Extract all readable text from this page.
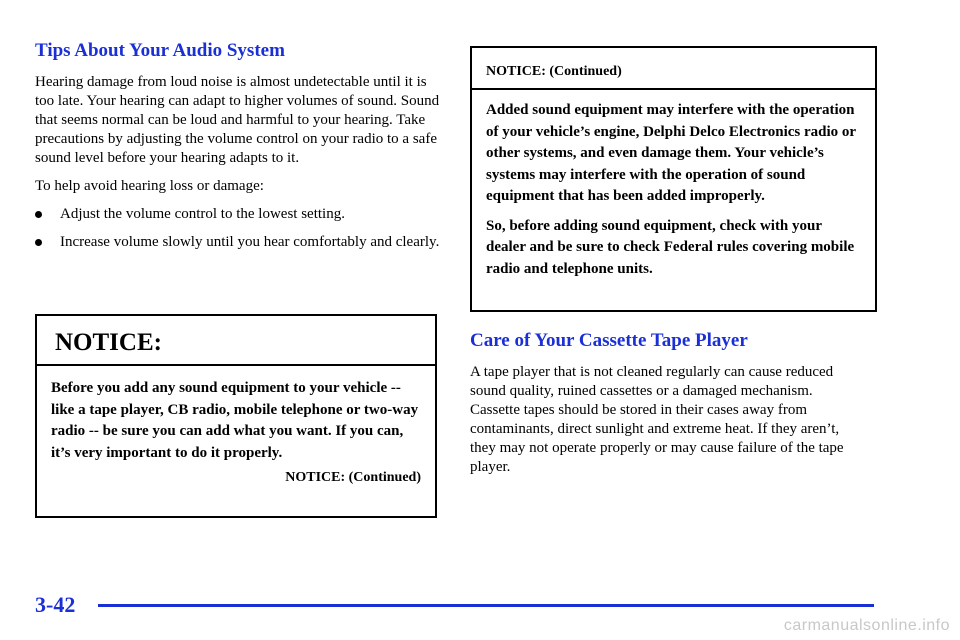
Tips About Your Audio System

Hearing damage from loud noise is almost undetectable until it is too late. Your hearing can adapt to higher volumes of sound. Sound that seems normal can be loud and harmful to your hearing. Take precautions by adjusting the volume control on your radio to a safe sound level before your hearing adapts to it.

To help avoid hearing loss or damage:

Adjust the volume control to the lowest setting.
Increase volume slowly until you hear comfortably and clearly.
NOTICE:
Before you add any sound equipment to your vehicle -- like a tape player, CB radio, mobile telephone or two-way radio -- be sure you can add what you want. If you can, it’s very important to do it properly.
NOTICE: (Continued)
NOTICE: (Continued)

Added sound equipment may interfere with the operation of your vehicle’s engine, Delphi Delco Electronics radio or other systems, and even damage them. Your vehicle’s systems may interfere with the operation of sound equipment that has been added improperly.

So, before adding sound equipment, check with your dealer and be sure to check Federal rules covering mobile radio and telephone units.

Care of Your Cassette Tape Player

A tape player that is not cleaned regularly can cause reduced sound quality, ruined cassettes or a damaged mechanism. Cassette tapes should be stored in their cases away from contaminants, direct sunlight and extreme heat. If they aren’t, they may not operate properly or may cause failure of the tape player.

3-42
carmanualsonline.info
